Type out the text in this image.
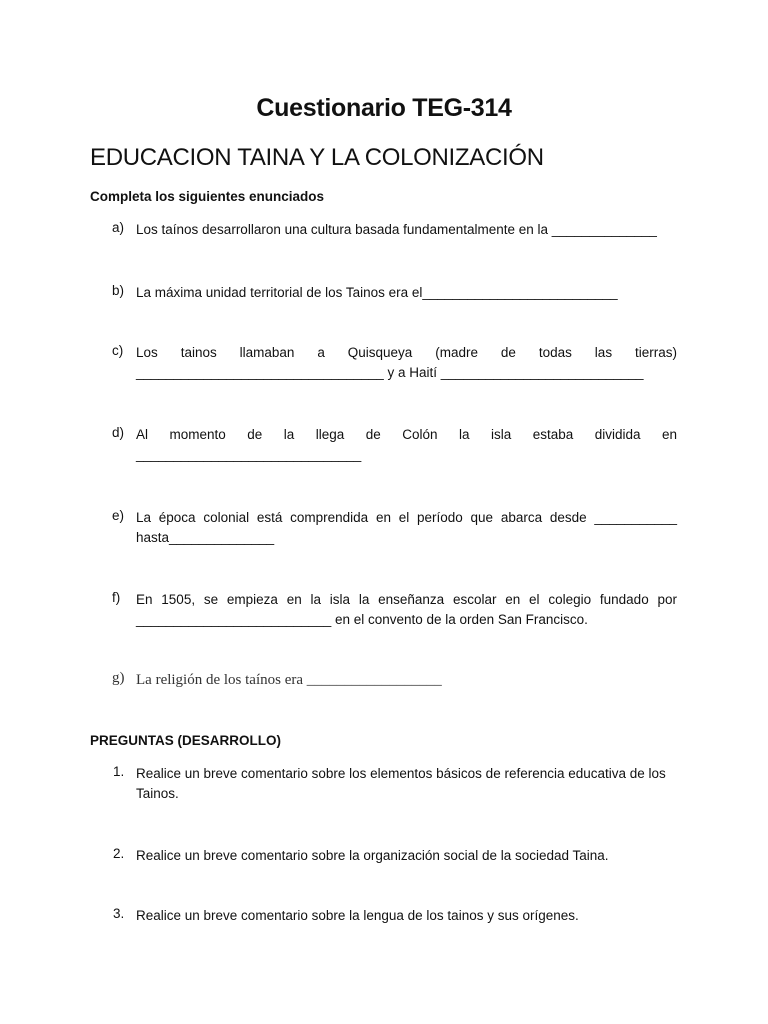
Cuestionario TEG-314
EDUCACION TAINA Y LA COLONIZACIÓN
Completa los siguientes enunciados
a) Los taínos desarrollaron una cultura basada fundamentalmente en la ______________
b) La máxima unidad territorial de los Tainos era el__________________________
c) Los tainos llamaban a Quisqueya (madre de todas las tierras) _________________________________ y a Haití ___________________________
d) Al momento de la llega de Colón la isla estaba dividida en ______________________________
e) La época colonial está comprendida en el período que abarca desde ___________ hasta______________
f) En 1505, se empieza en la isla la enseñanza escolar en el colegio fundado por __________________________ en el convento de la orden San Francisco.
g) La religión de los taínos era __________________
PREGUNTAS (DESARROLLO)
1. Realice un breve comentario sobre los elementos básicos de referencia educativa de los Tainos.
2. Realice un breve comentario sobre la organización social de la sociedad Taina.
3. Realice un breve comentario sobre la lengua de los tainos y sus orígenes.
